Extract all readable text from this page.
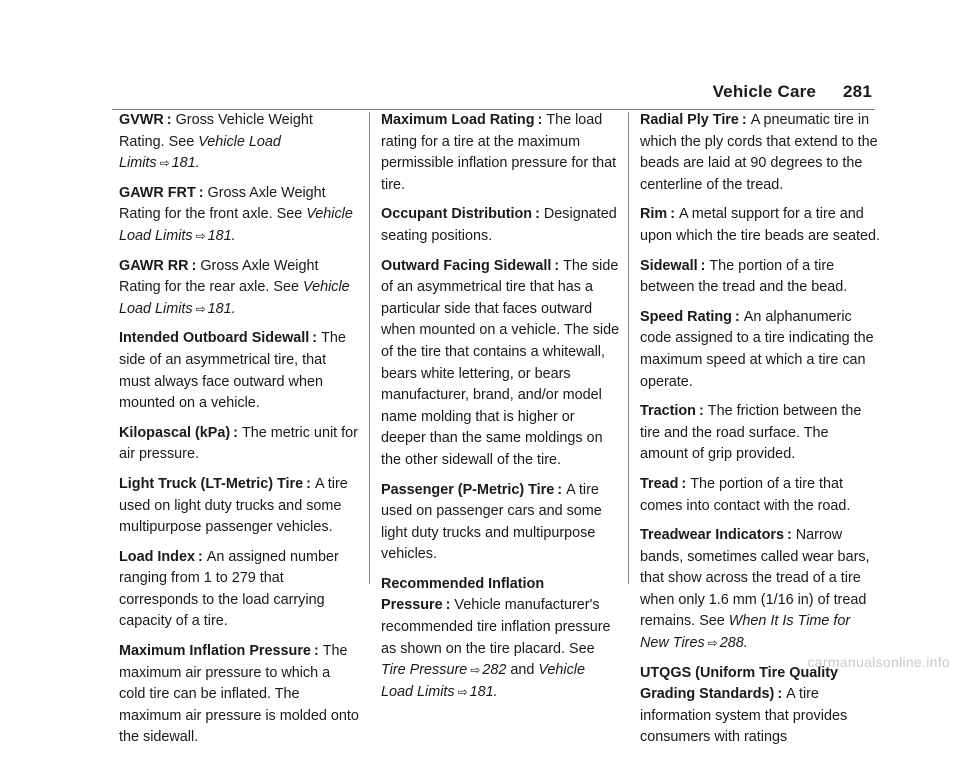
Vehicle Care 281

GVWR : Gross Vehicle Weight Rating. See Vehicle Load Limits ⇨ 181.

GAWR FRT : Gross Axle Weight Rating for the front axle. See Vehicle Load Limits ⇨ 181.

GAWR RR : Gross Axle Weight Rating for the rear axle. See Vehicle Load Limits ⇨ 181.

Intended Outboard Sidewall : The side of an asymmetrical tire, that must always face outward when mounted on a vehicle.

Kilopascal (kPa) : The metric unit for air pressure.

Light Truck (LT-Metric) Tire : A tire used on light duty trucks and some multipurpose passenger vehicles.

Load Index : An assigned number ranging from 1 to 279 that corresponds to the load carrying capacity of a tire.

Maximum Inflation Pressure : The maximum air pressure to which a cold tire can be inflated. The maximum air pressure is molded onto the sidewall.

Maximum Load Rating : The load rating for a tire at the maximum permissible inflation pressure for that tire.

Occupant Distribution : Designated seating positions.

Outward Facing Sidewall : The side of an asymmetrical tire that has a particular side that faces outward when mounted on a vehicle. The side of the tire that contains a whitewall, bears white lettering, or bears manufacturer, brand, and/or model name molding that is higher or deeper than the same moldings on the other sidewall of the tire.

Passenger (P-Metric) Tire : A tire used on passenger cars and some light duty trucks and multipurpose vehicles.

Recommended Inflation Pressure : Vehicle manufacturer's recommended tire inflation pressure as shown on the tire placard. See Tire Pressure ⇨ 282 and Vehicle Load Limits ⇨ 181.

Radial Ply Tire : A pneumatic tire in which the ply cords that extend to the beads are laid at 90 degrees to the centerline of the tread.

Rim : A metal support for a tire and upon which the tire beads are seated.

Sidewall : The portion of a tire between the tread and the bead.

Speed Rating : An alphanumeric code assigned to a tire indicating the maximum speed at which a tire can operate.

Traction : The friction between the tire and the road surface. The amount of grip provided.

Tread : The portion of a tire that comes into contact with the road.

Treadwear Indicators : Narrow bands, sometimes called wear bars, that show across the tread of a tire when only 1.6 mm (1/16 in) of tread remains. See When It Is Time for New Tires ⇨ 288.

UTQGS (Uniform Tire Quality Grading Standards) : A tire information system that provides consumers with ratings

carmanualsonline.info
